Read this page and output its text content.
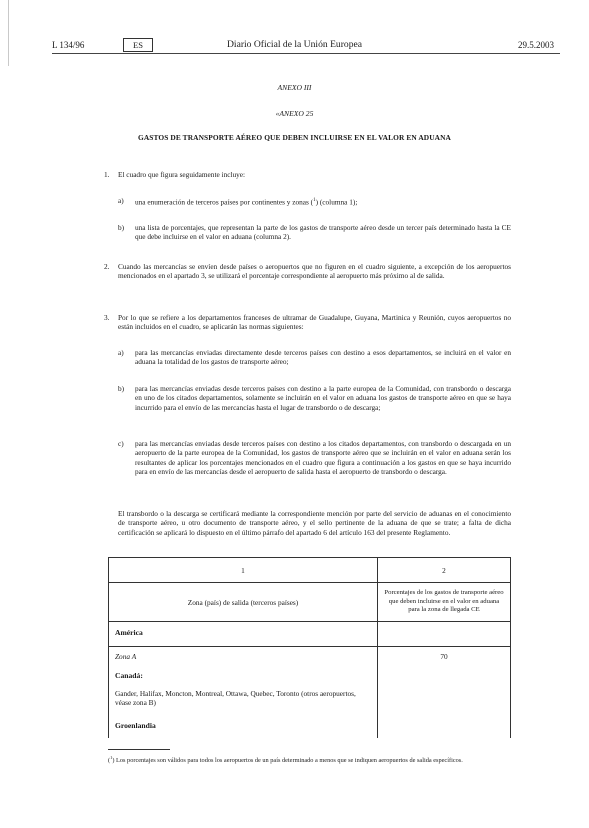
L 134/96	ES	Diario Oficial de la Unión Europea	29.5.2003
ANEXO III
«ANEXO 25
GASTOS DE TRANSPORTE AÉREO QUE DEBEN INCLUIRSE EN EL VALOR EN ADUANA
1. El cuadro que figura seguidamente incluye:
a) una enumeración de terceros países por continentes y zonas ($^1$) (columna 1);
b) una lista de porcentajes, que representan la parte de los gastos de transporte aéreo desde un tercer país determinado hasta la CE que debe incluirse en el valor en aduana (columna 2).
2. Cuando las mercancías se envíen desde países o aeropuertos que no figuren en el cuadro siguiente, a excepción de los aeropuertos mencionados en el apartado 3, se utilizará el porcentaje correspondiente al aeropuerto más próximo al de salida.
3. Por lo que se refiere a los departamentos franceses de ultramar de Guadalupe, Guyana, Martinica y Reunión, cuyos aeropuertos no están incluidos en el cuadro, se aplicarán las normas siguientes:
a) para las mercancías enviadas directamente desde terceros países con destino a esos departamentos, se incluirá en el valor en aduana la totalidad de los gastos de transporte aéreo;
b) para las mercancías enviadas desde terceros países con destino a la parte europea de la Comunidad, con transbordo o descarga en uno de los citados departamentos, solamente se incluirán en el valor en aduana los gastos de transporte aéreo en que se haya incurrido para el envío de las mercancías hasta el lugar de transbordo o de descarga;
c) para las mercancías enviadas desde terceros países con destino a los citados departamentos, con transbordo o descargada en un aeropuerto de la parte europea de la Comunidad, los gastos de transporte aéreo que se incluirán en el valor en aduana serán los resultantes de aplicar los porcentajes mencionados en el cuadro que figura a continuación a los gastos en que se haya incurrido para en envío de las mercancías desde el aeropuerto de salida hasta el aeropuerto de transbordo o descarga.
El transbordo o la descarga se certificará mediante la correspondiente mención por parte del servicio de aduanas en el conocimiento de transporte aéreo, u otro documento de transporte aéreo, y el sello pertinente de la aduana de que se trate; a falta de dicha certificación se aplicará lo dispuesto en el último párrafo del apartado 6 del artículo 163 del presente Reglamento.
1	2

Zona (país) de salida (terceros países)	Porcentajes de los gastos de transporte aéreo que deben incluirse en el valor en aduana para la zona de llegada CE

América	

Zona A	70

Canadá:	

Gander, Halifax, Moncton, Montreal, Ottawa, Quebec, Toronto (otros aeropuertos, véase zona B)	

Groenlandia	

($^1$) Los porcentajes son válidos para todos los aeropuertos de un país determinado a menos que se indiquen aeropuertos de salida específicos.
